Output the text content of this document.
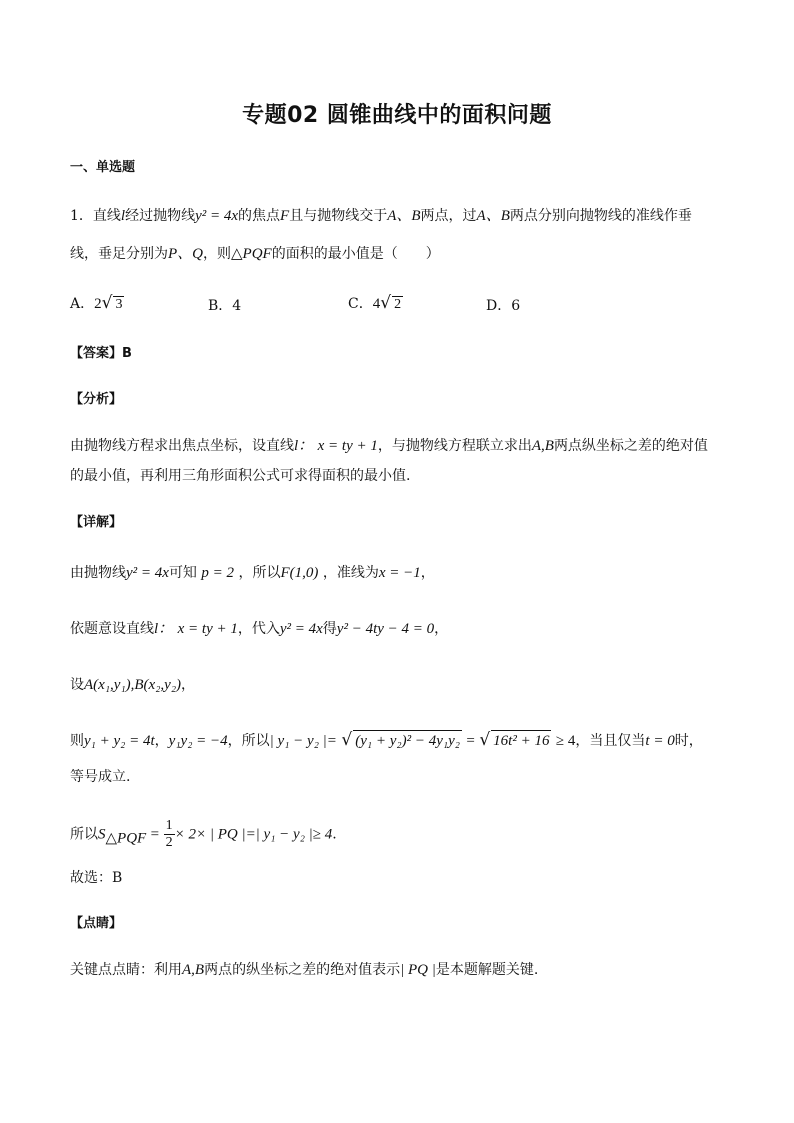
专题02 圆锥曲线中的面积问题
一、单选题
1．直线l经过抛物线y² = 4x的焦点F且与抛物线交于A、B两点，过A、B两点分别向抛物线的准线作垂
线，垂足分别为P、Q，则△PQF的面积的最小值是（　　）
A．2√ 3	B．4	C．4√ 2	D．6
【答案】B
【分析】
由抛物线方程求出焦点坐标，设直线l： x = ty + 1，与抛物线方程联立求出A,B两点纵坐标之差的绝对值
的最小值，再利用三角形面积公式可求得面积的最小值.
【详解】
由抛物线y² = 4x可知 p = 2 ，所以F(1,0) ，准线为x = −1，
依题意设直线l： x = ty + 1，代入y² = 4x得y² − 4ty − 4 = 0，
设A(x₁,y₁),B(x₂,y₂)，
则y₁ + y₂ = 4t，y₁y₂ = −4，所以| y₁ − y₂ |= √ (y₁ + y₂)² − 4y₁y₂ = √ 16t² + 16 ≥ 4，当且仅当t = 0时，
等号成立.
所以$S_{\triangle PQF} = \frac{1}{2} \times 2\times$ | PQ |=| y₁ − y₂ |≥ 4.
故选：B
【点睛】
关键点点睛：利用A,B两点的纵坐标之差的绝对值表示| PQ |是本题解题关键.
